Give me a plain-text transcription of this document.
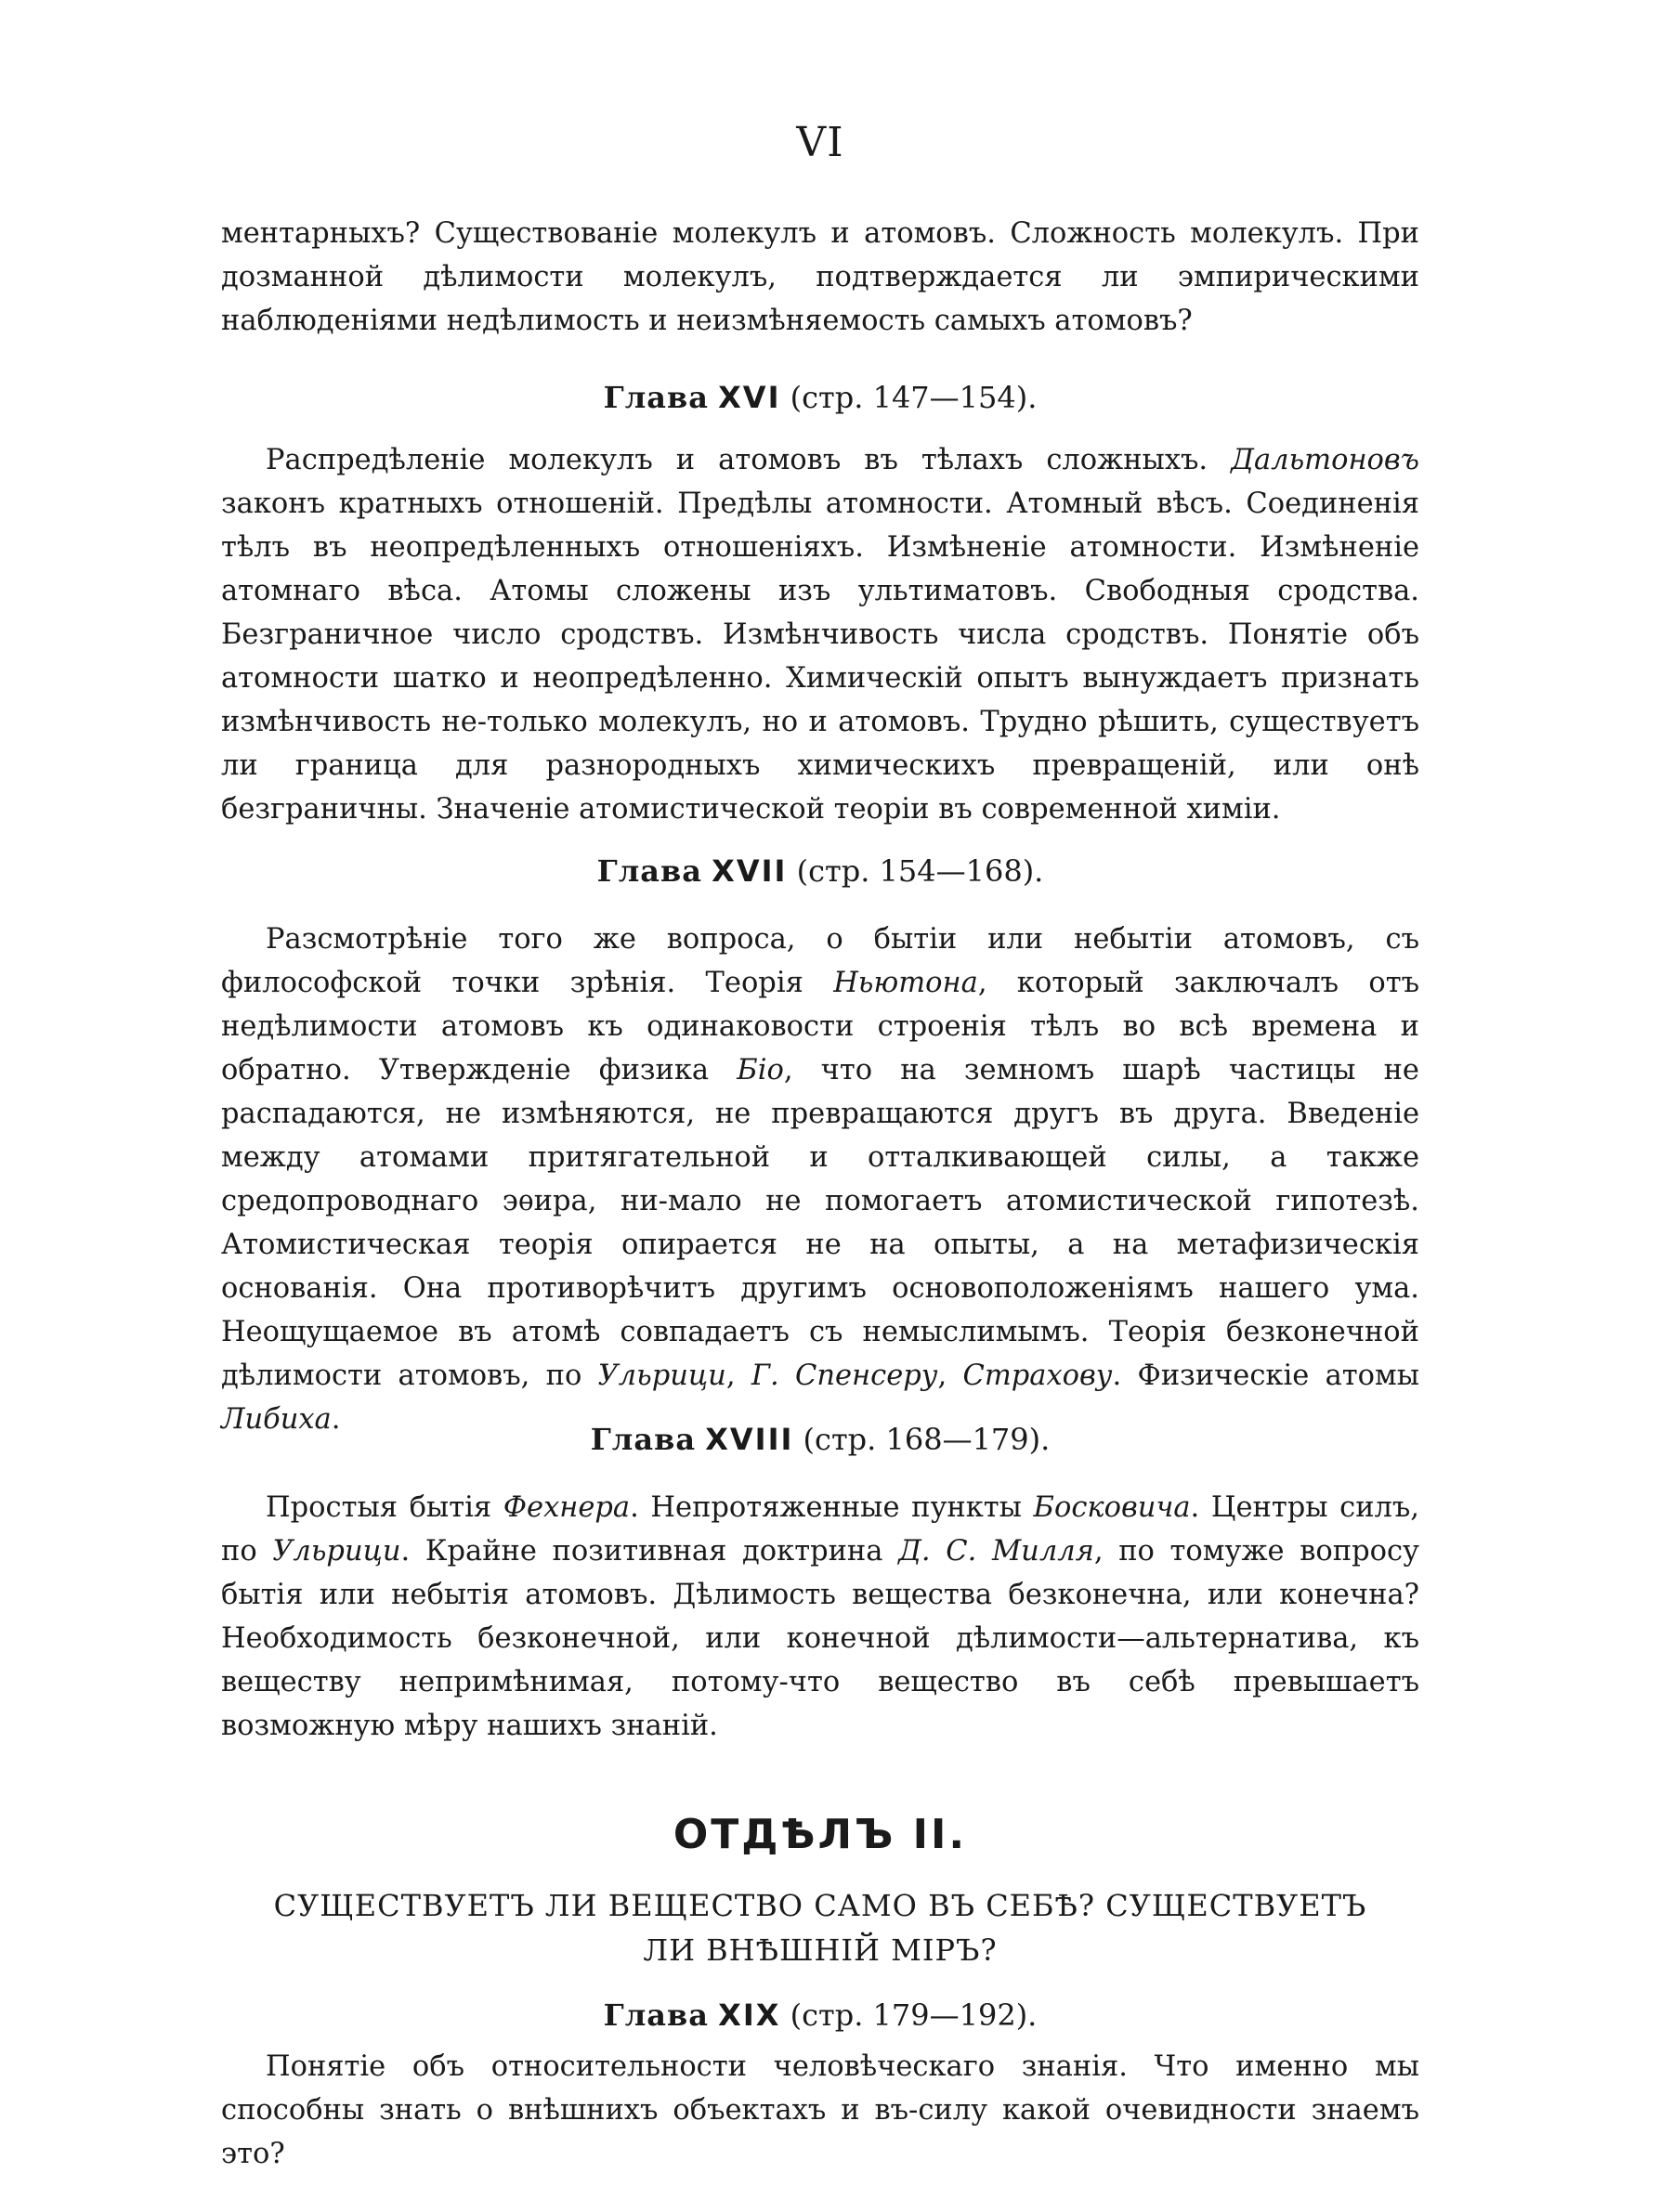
VI
ментарныхъ? Существованіе молекулъ и атомовъ. Сложность молекулъ. При дозманной дѣлимости молекулъ, подтверждается ли эмпирическими наблюденіями недѣлимость и неизмѣняемость самыхъ атомовъ?
Глава XVI (стр. 147—154).
Распредѣленіе молекулъ и атомовъ въ тѣлахъ сложныхъ. Дальтоновъ законъ кратныхъ отношеній. Предѣлы атомности. Атомный вѣсъ. Соединенія тѣлъ въ неопредѣленныхъ отношеніяхъ. Измѣненіе атомности. Измѣненіе атомнаго вѣса. Атомы сложены изъ ультиматовъ. Свободныя сродства. Безграничное число сродствъ. Измѣнчивость числа сродствъ. Понятіе объ атомности шатко и неопредѣленно. Химическій опытъ вынуждаетъ признать измѣнчивость не-только молекулъ, но и атомовъ. Трудно рѣшить, существуетъ ли граница для разнородныхъ химическихъ превращеній, или онѣ безграничны. Значеніе атомистической теоріи въ современной химіи.
Глава XVII (стр. 154—168).
Разсмотрѣніе того же вопроса, о бытіи или небытіи атомовъ, съ философской точки зрѣнія. Теорія Ньютона, который заключалъ отъ недѣлимости атомовъ къ одинаковости строенія тѣлъ во всѣ времена и обратно. Утвержденіе физика Біо, что на земномъ шарѣ частицы не распадаются, не измѣняются, не превращаются другъ въ друга. Введеніе между атомами притягательной и отталкивающей силы, а также средопроводнаго эѳира, ни-мало не помогаетъ атомистической гипотезѣ. Атомистическая теорія опирается не на опыты, а на метафизическія основанія. Она противорѣчитъ другимъ основоположеніямъ нашего ума. Неощущаемое въ атомѣ совпадаетъ съ немыслимымъ. Теорія безконечной дѣлимости атомовъ, по Ульрици, Г. Спенсеру, Страхову. Физическіе атомы Либиха.
Глава XVIII (стр. 168—179).
Простыя бытія Фехнера. Непротяженные пункты Босковича. Центры силъ, по Ульрици. Крайне позитивная доктрина Д. С. Милля, по томуже вопросу бытія или небытія атомовъ. Дѣлимость вещества безконечна, или конечна? Необходимость безконечной, или конечной дѣлимости—альтернатива, къ веществу непримѣнимая, потому-что вещество въ себѣ превышаетъ возможную мѣру нашихъ знаній.
ОТДѢЛЪ II.
СУЩЕСТВУЕТЪ ЛИ ВЕЩЕСТВО САМО ВЪ СЕБѢ? СУЩЕСТВУЕТЪ ЛИ ВНѢШНІЙ МІРЪ?
Глава XIX (стр. 179—192).
Понятіе объ относительности человѣческаго знанія. Что именно мы способны знать о внѣшнихъ объектахъ и въ-силу какой очевидности знаемъ это?
